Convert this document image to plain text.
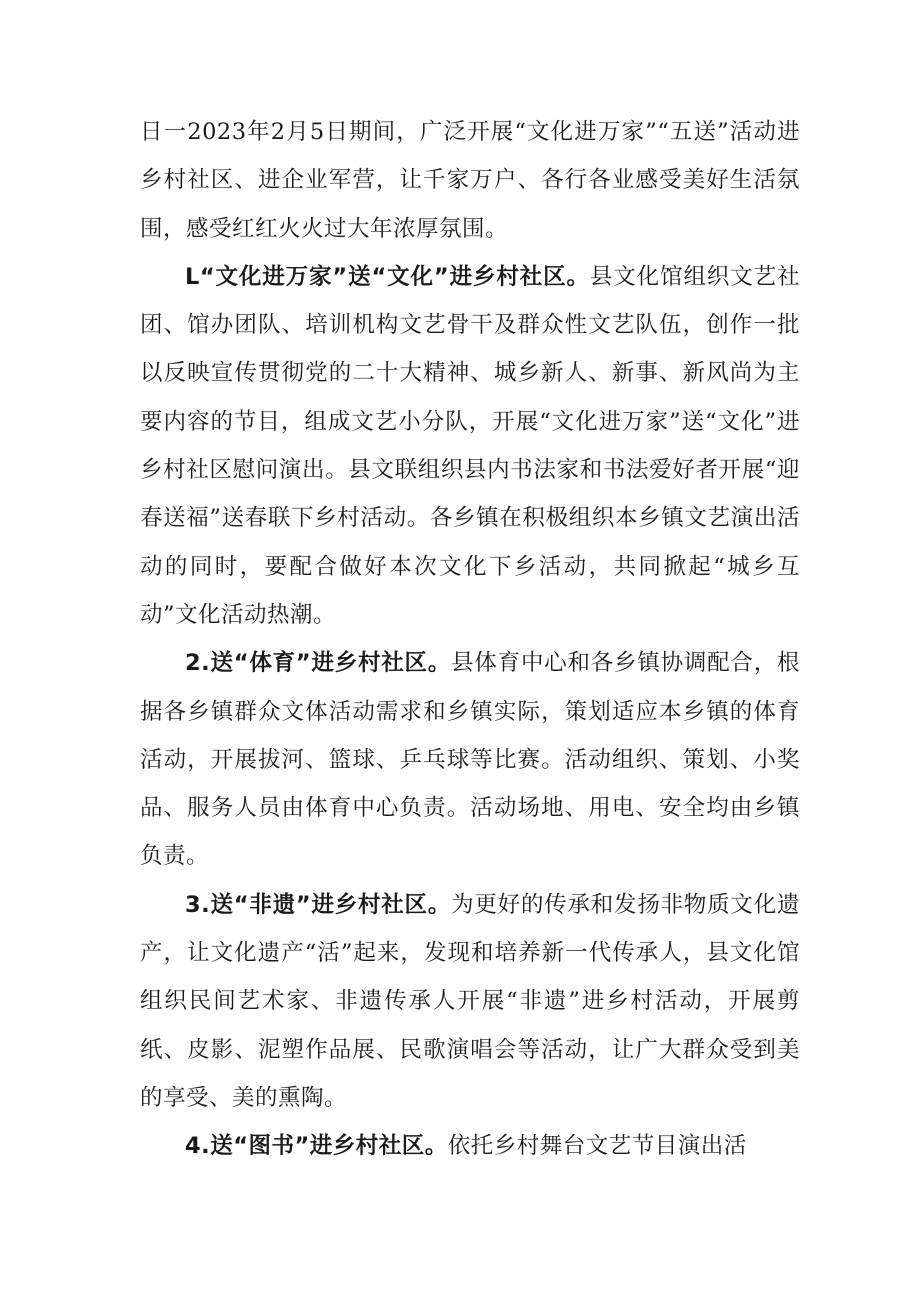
日一2023年2月5日期间，广泛开展“文化进万家”“五送”活动进乡村社区、进企业军营，让千家万户、各行各业感受美好生活氛围，感受红红火火过大年浓厚氛围。

L“文化进万家”送“文化”进乡村社区。县文化馆组织文艺社团、馆办团队、培训机构文艺骨干及群众性文艺队伍，创作一批以反映宣传贯彻党的二十大精神、城乡新人、新事、新风尚为主要内容的节目，组成文艺小分队，开展“文化进万家”送“文化”进乡村社区慰问演出。县文联组织县内书法家和书法爱好者开展“迎春送福”送春联下乡村活动。各乡镇在积极组织本乡镇文艺演出活动的同时，要配合做好本次文化下乡活动，共同掀起“城乡互动”文化活动热潮。

2.送“体育”进乡村社区。县体育中心和各乡镇协调配合，根据各乡镇群众文体活动需求和乡镇实际，策划适应本乡镇的体育活动，开展拔河、篮球、乒乓球等比赛。活动组织、策划、小奖品、服务人员由体育中心负责。活动场地、用电、安全均由乡镇负责。

3.送“非遗”进乡村社区。为更好的传承和发扬非物质文化遗产，让文化遗产“活”起来，发现和培养新一代传承人，县文化馆组织民间艺术家、非遗传承人开展“非遗”进乡村活动，开展剪纸、皮影、泥塑作品展、民歌演唱会等活动，让广大群众受到美的享受、美的熏陶。

4.送“图书”进乡村社区。依托乡村舞台文艺节目演出活
